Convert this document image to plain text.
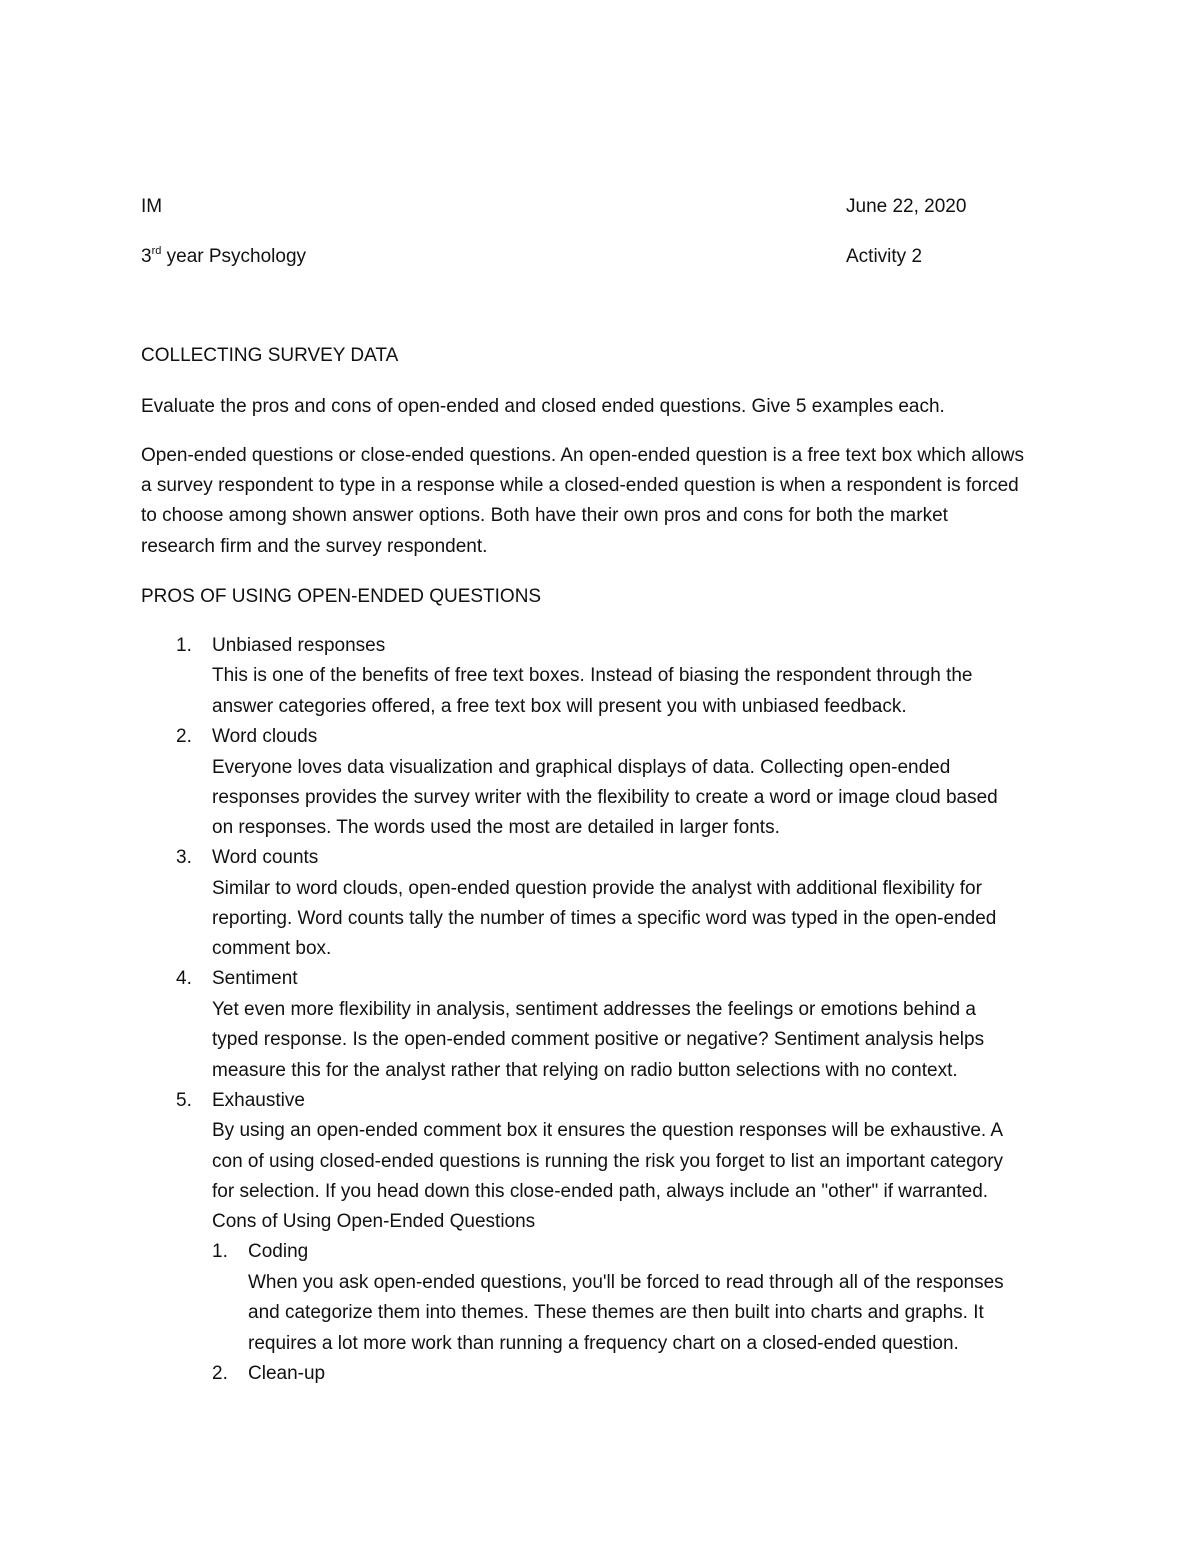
IM	June 22, 2020
3rd year Psychology	Activity 2
COLLECTING SURVEY DATA
Evaluate the pros and cons of open-ended and closed ended questions. Give 5 examples each.
Open-ended questions or close-ended questions. An open-ended question is a free text box which allows
a survey respondent to type in a response while a closed-ended question is when a respondent is forced
to choose among shown answer options. Both have their own pros and cons for both the market
research firm and the survey respondent.
PROS OF USING OPEN-ENDED QUESTIONS
1. Unbiased responses
This is one of the benefits of free text boxes. Instead of biasing the respondent through the
answer categories offered, a free text box will present you with unbiased feedback.
2. Word clouds
Everyone loves data visualization and graphical displays of data. Collecting open-ended
responses provides the survey writer with the flexibility to create a word or image cloud based
on responses. The words used the most are detailed in larger fonts.
3. Word counts
Similar to word clouds, open-ended question provide the analyst with additional flexibility for
reporting. Word counts tally the number of times a specific word was typed in the open-ended
comment box.
4. Sentiment
Yet even more flexibility in analysis, sentiment addresses the feelings or emotions behind a
typed response. Is the open-ended comment positive or negative? Sentiment analysis helps
measure this for the analyst rather that relying on radio button selections with no context.
5. Exhaustive
By using an open-ended comment box it ensures the question responses will be exhaustive. A
con of using closed-ended questions is running the risk you forget to list an important category
for selection. If you head down this close-ended path, always include an "other" if warranted.
Cons of Using Open-Ended Questions
1. Coding
When you ask open-ended questions, you'll be forced to read through all of the responses
and categorize them into themes. These themes are then built into charts and graphs. It
requires a lot more work than running a frequency chart on a closed-ended question.
2. Clean-up
